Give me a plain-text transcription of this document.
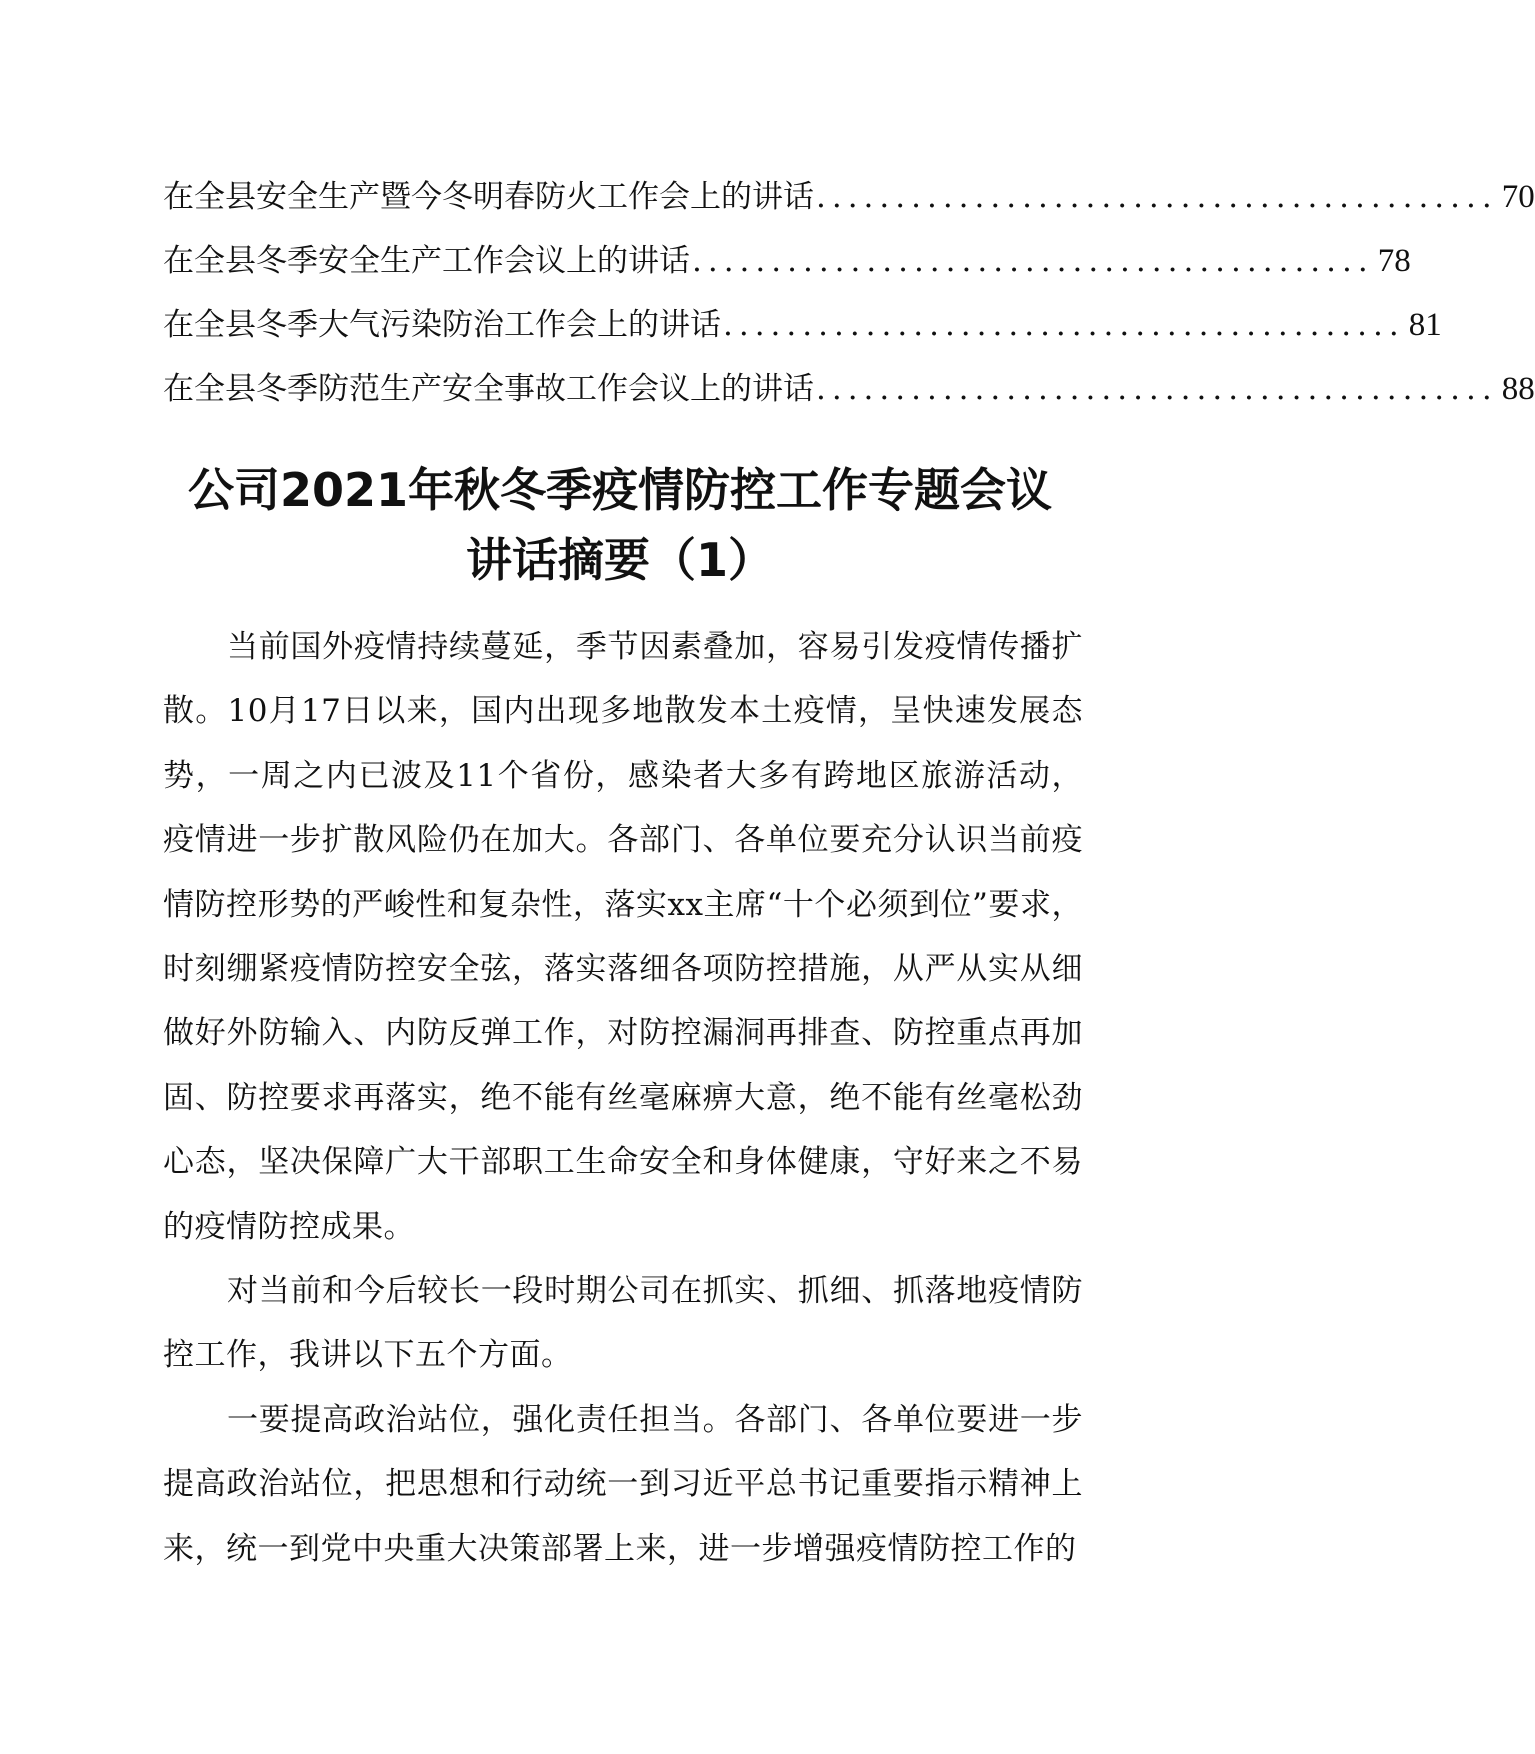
在全县安全生产暨今冬明春防火工作会上的讲话 ........................................... 70
在全县冬季安全生产工作会议上的讲话 ........................................... 78
在全县冬季大气污染防治工作会上的讲话 ........................................... 81
在全县冬季防范生产安全事故工作会议上的讲话 ........................................... 88
公司2021年秋冬季疫情防控工作专题会议
讲话摘要（1）

当前国外疫情持续蔓延，季节因素叠加，容易引发疫情传播扩散。10月17日以来，国内出现多地散发本土疫情，呈快速发展态势，一周之内已波及11个省份，感染者大多有跨地区旅游活动，疫情进一步扩散风险仍在加大。各部门、各单位要充分认识当前疫情防控形势的严峻性和复杂性，落实xx主席“十个必须到位”要求，时刻绷紧疫情防控安全弦，落实落细各项防控措施，从严从实从细做好外防输入、内防反弹工作，对防控漏洞再排查、防控重点再加固、防控要求再落实，绝不能有丝毫麻痹大意，绝不能有丝毫松劲心态，坚决保障广大干部职工生命安全和身体健康，守好来之不易的疫情防控成果。

对当前和今后较长一段时期公司在抓实、抓细、抓落地疫情防控工作，我讲以下五个方面。

一要提高政治站位，强化责任担当。各部门、各单位要进一步提高政治站位，把思想和行动统一到习近平总书记重要指示精神上来，统一到党中央重大决策部署上来，进一步增强疫情防控工作的
